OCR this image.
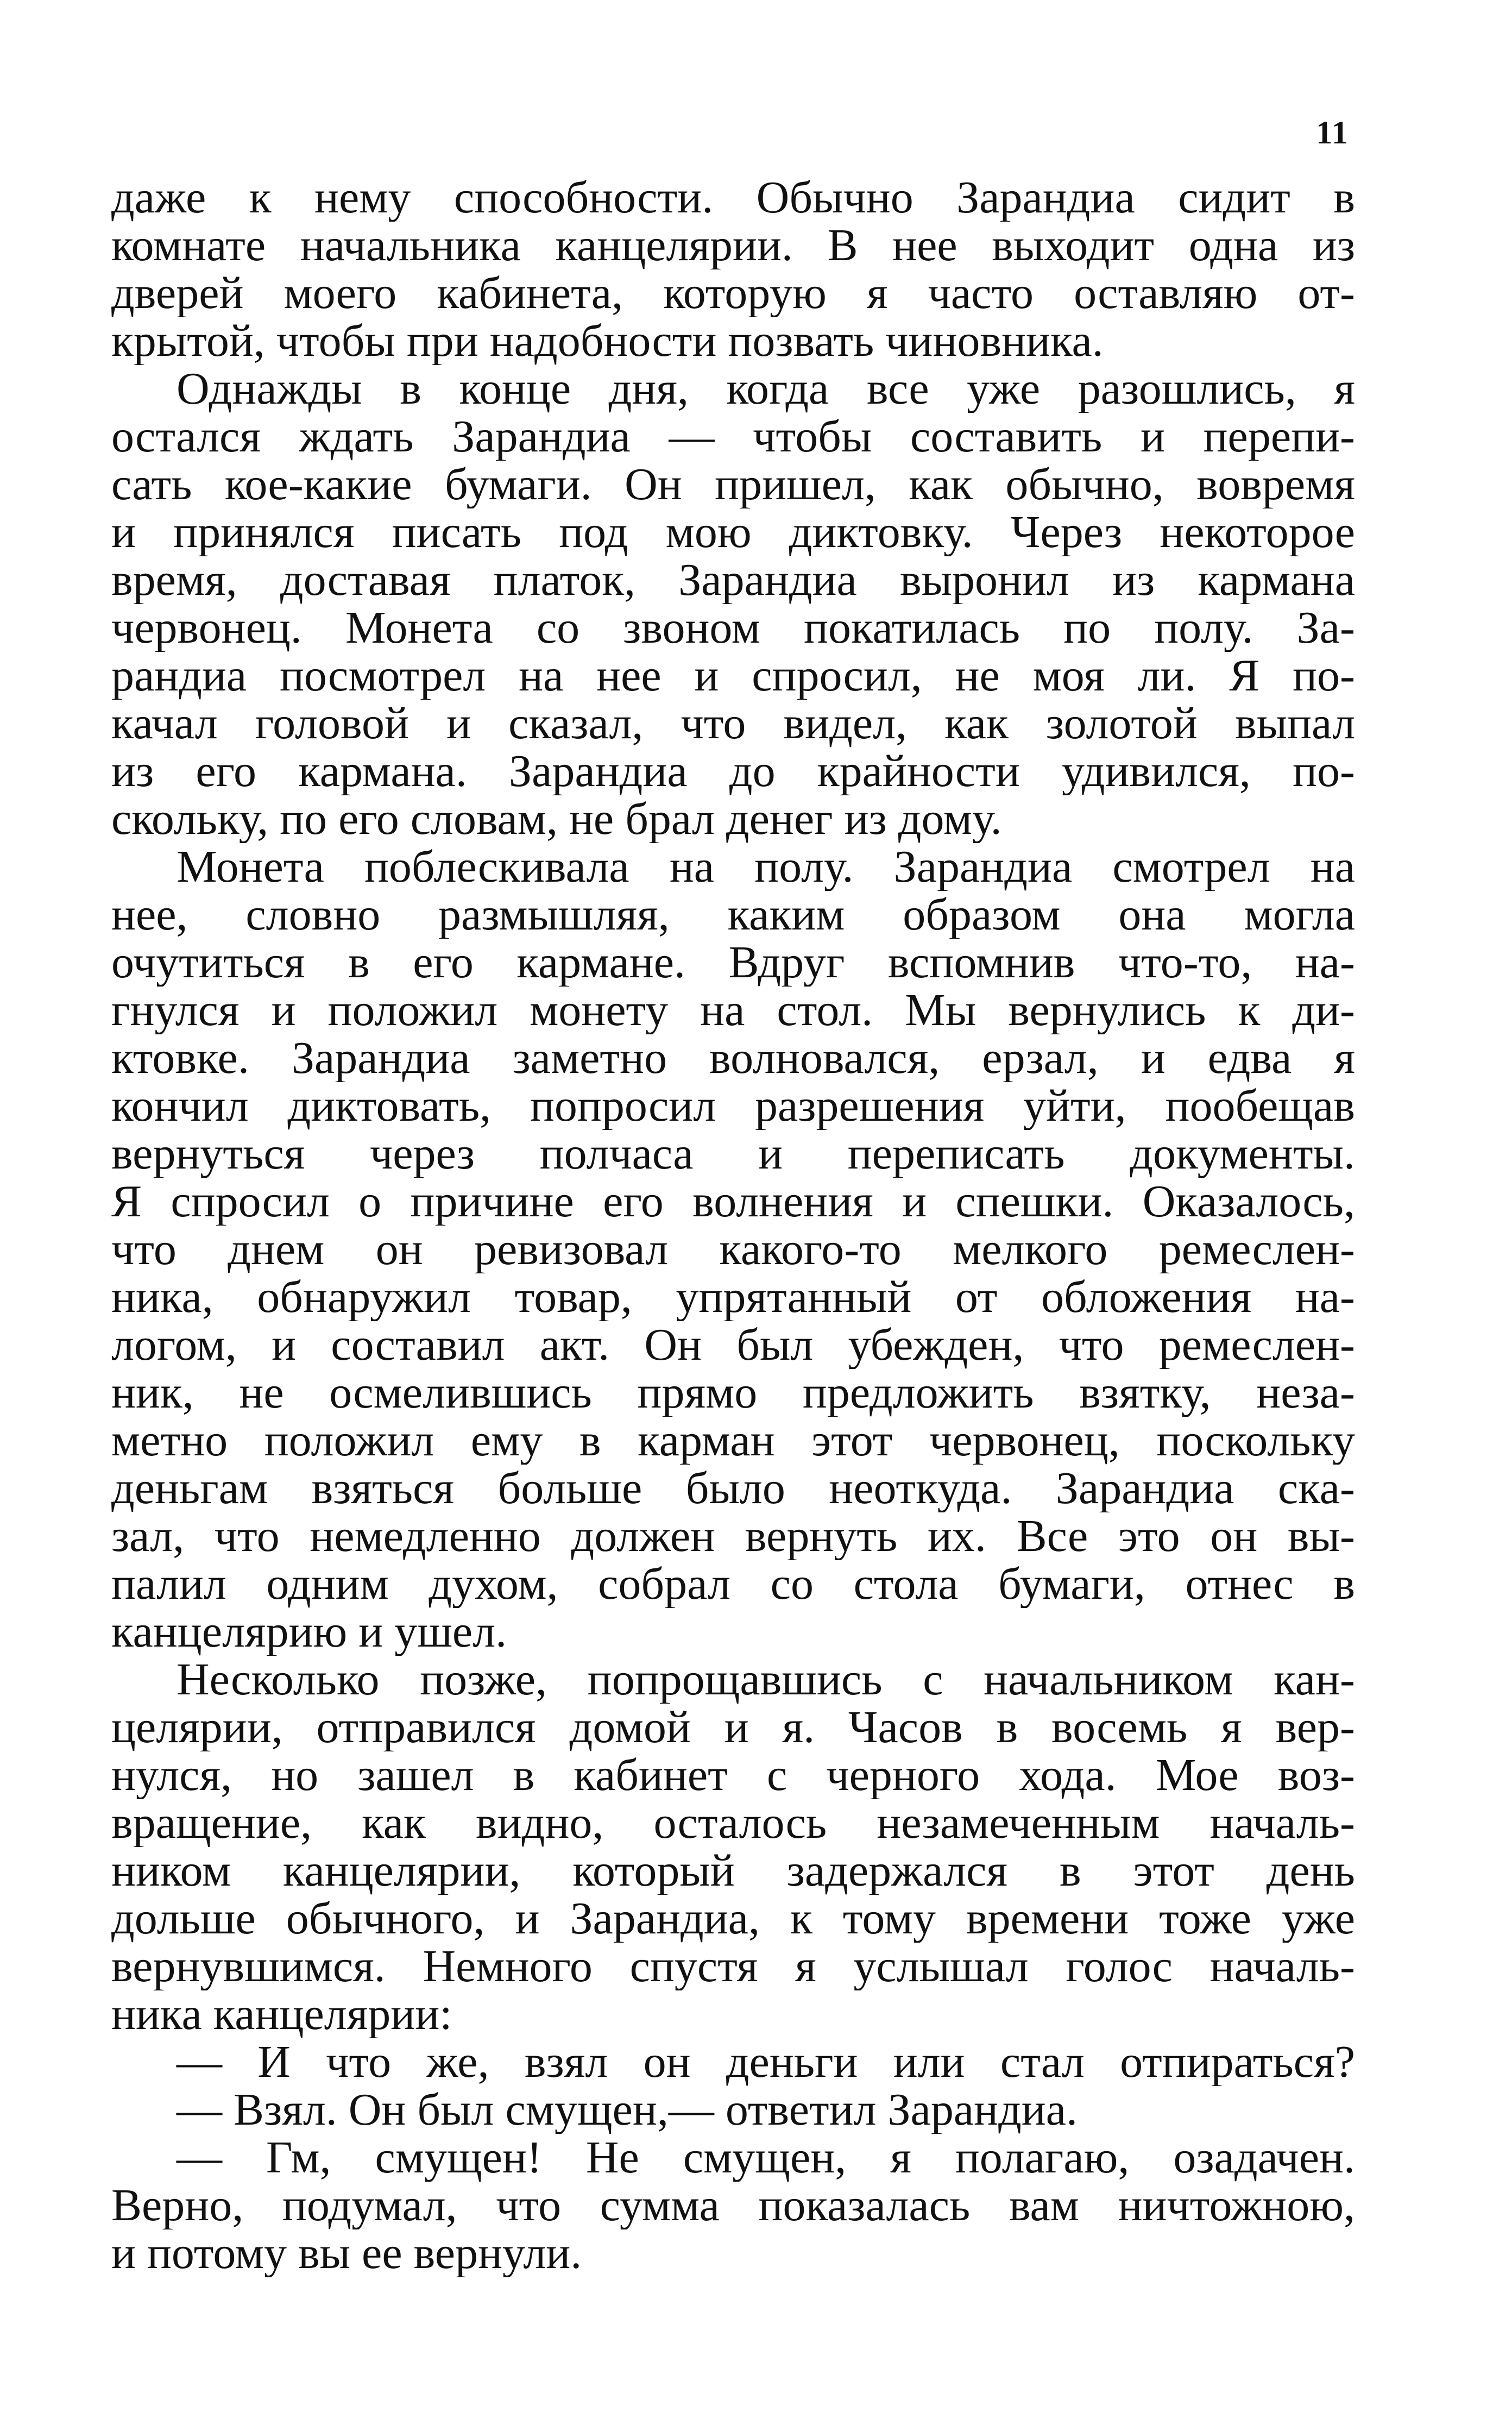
11
даже к нему способности. Обычно Зарандиа сидит в
комнате начальника канцелярии. В нее выходит одна из
дверей моего кабинета, которую я часто оставляю от-
крытой, чтобы при надобности позвать чиновника.
Однажды в конце дня, когда все уже разошлись, я
остался ждать Зарандиа — чтобы составить и перепи-
сать кое-какие бумаги. Он пришел, как обычно, вовремя
и принялся писать под мою диктовку. Через некоторое
время, доставая платок, Зарандиа выронил из кармана
червонец. Монета со звоном покатилась по полу. За-
рандиа посмотрел на нее и спросил, не моя ли. Я по-
качал головой и сказал, что видел, как золотой выпал
из его кармана. Зарандиа до крайности удивился, по-
скольку, по его словам, не брал денег из дому.
Монета поблескивала на полу. Зарандиа смотрел на
нее, словно размышляя, каким образом она могла
очутиться в его кармане. Вдруг вспомнив что-то, на-
гнулся и положил монету на стол. Мы вернулись к ди-
ктовке. Зарандиа заметно волновался, ерзал, и едва я
кончил диктовать, попросил разрешения уйти, пообещав
вернуться через полчаса и переписать документы.
Я спросил о причине его волнения и спешки. Оказалось,
что днем он ревизовал какого-то мелкого ремеслен-
ника, обнаружил товар, упрятанный от обложения на-
логом, и составил акт. Он был убежден, что ремеслен-
ник, не осмелившись прямо предложить взятку, неза-
метно положил ему в карман этот червонец, поскольку
деньгам взяться больше было неоткуда. Зарандиа ска-
зал, что немедленно должен вернуть их. Все это он вы-
палил одним духом, собрал со стола бумаги, отнес в
канцелярию и ушел.
Несколько позже, попрощавшись с начальником кан-
целярии, отправился домой и я. Часов в восемь я вер-
нулся, но зашел в кабинет с черного хода. Мое воз-
вращение, как видно, осталось незамеченным началь-
ником канцелярии, который задержался в этот день
дольше обычного, и Зарандиа, к тому времени тоже уже
вернувшимся. Немного спустя я услышал голос началь-
ника канцелярии:
— И что же, взял он деньги или стал отпираться?
— Взял. Он был смущен,— ответил Зарандиа.
— Гм, смущен! Не смущен, я полагаю, озадачен.
Верно, подумал, что сумма показалась вам ничтожною,
и потому вы ее вернули.
